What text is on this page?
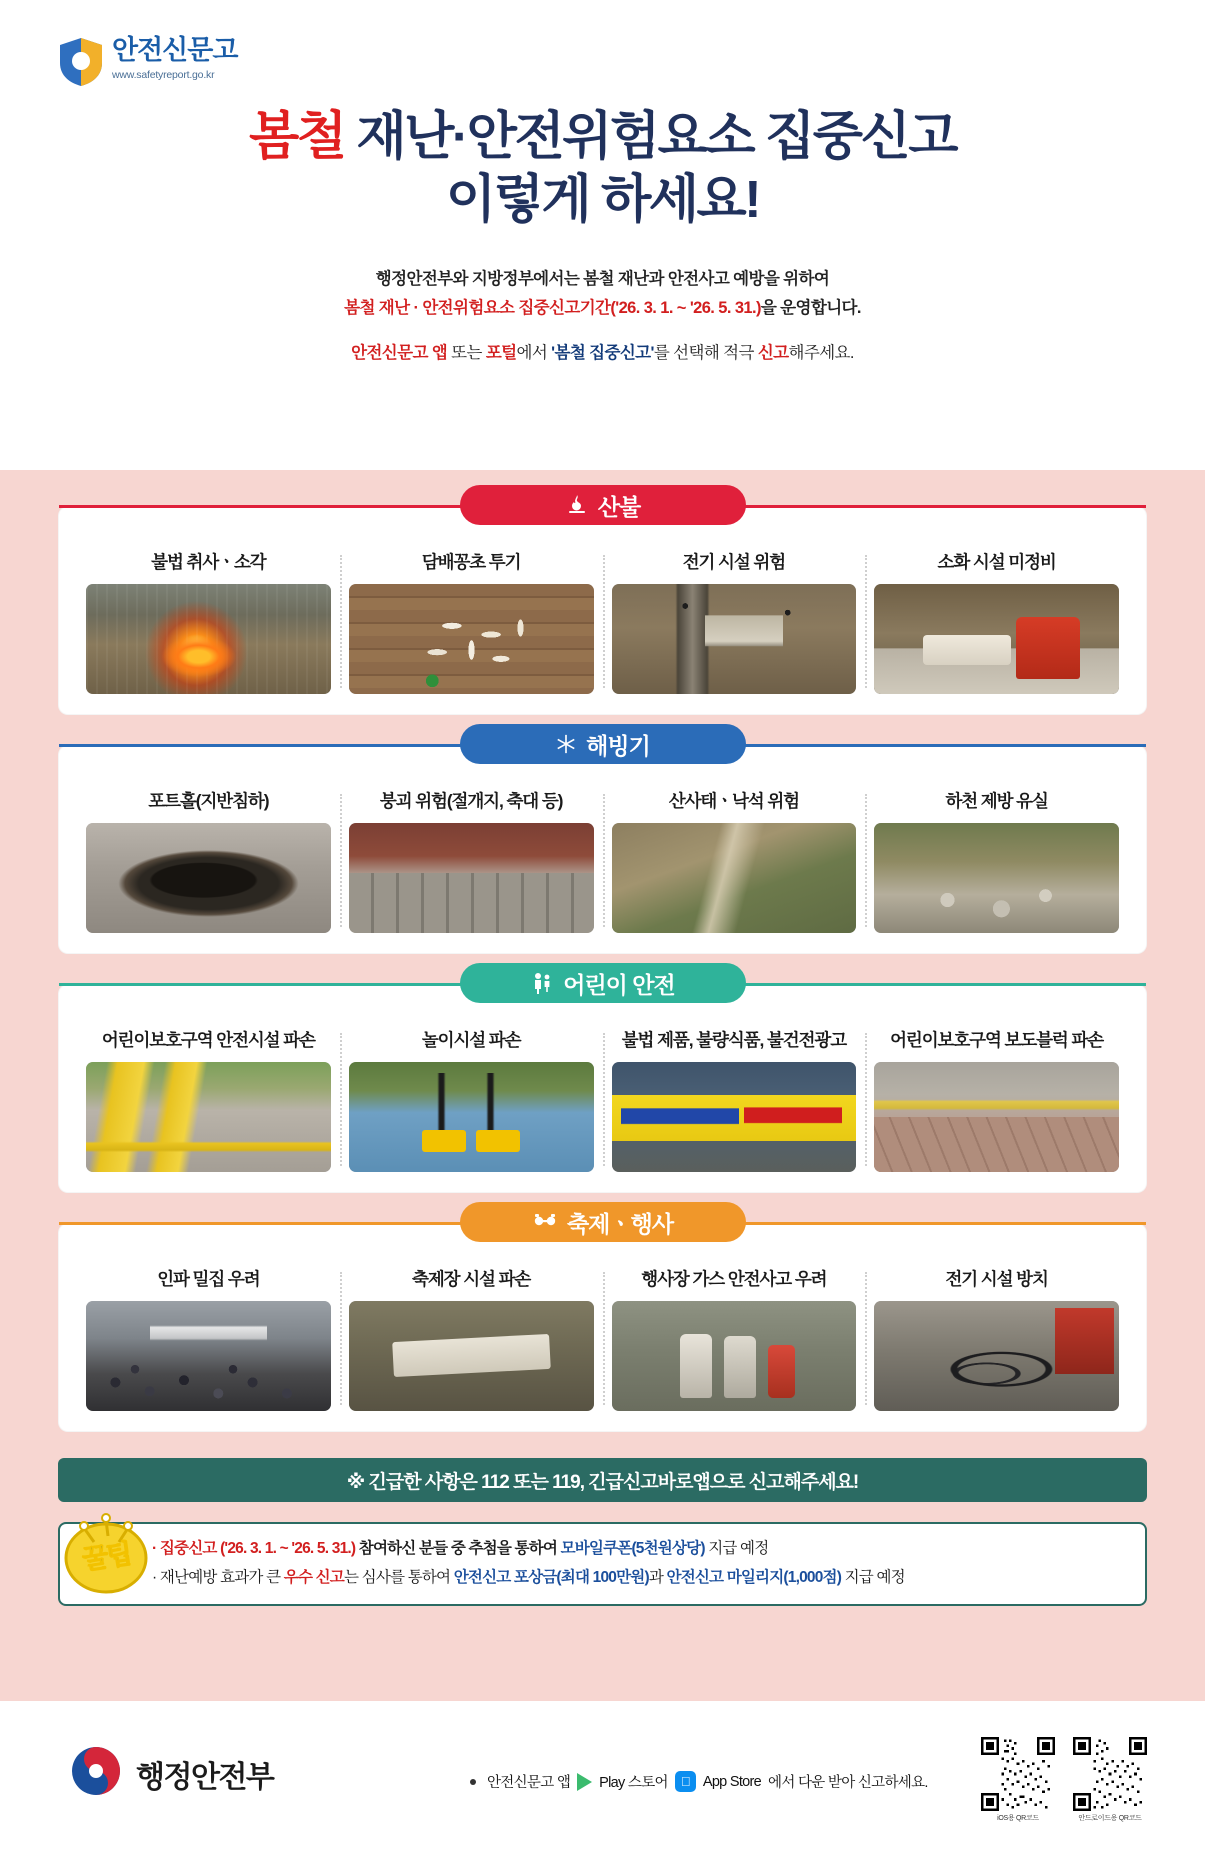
안전신문고
www.safetyreport.go.kr
봄철 재난·안전위험요소 집중신고
이렇게 하세요!
행정안전부와 지방정부에서는 봄철 재난과 안전사고 예방을 위하여
봄철 재난 · 안전위험요소 집중신고기간('26. 3. 1. ~ '26. 5. 31.)을 운영합니다.
안전신문고 앱 또는 포털에서 '봄철 집중신고'를 선택해 적극 신고해주세요.
산불
불법 취사ㆍ소각	담배꽁초 투기	전기 시설 위험	소화 시설 미정비
해빙기
포트홀(지반침하)	붕괴 위험(절개지, 축대 등)	산사태ㆍ낙석 위험	하천 제방 유실
어린이 안전
어린이보호구역 안전시설 파손	놀이시설 파손	불법 제품, 불량식품, 불건전광고	어린이보호구역 보도블럭 파손
축제ㆍ행사
인파 밀집 우려	축제장 시설 파손	행사장 가스 안전사고 우려	전기 시설 방치
※ 긴급한 사항은 112 또는 119, 긴급신고바로앱으로 신고해주세요!
꿀팁 · 집중신고 ('26. 3. 1. ~ '26. 5. 31.) 참여하신 분들 중 추첨을 통하여 모바일쿠폰(5천원상당) 지급 예정
· 재난예방 효과가 큰 우수 신고는 심사를 통하여 안전신고 포상금(최대 100만원)과 안전신고 마일리지(1,000점) 지급 예정
행정안전부	안전신문고 앱 Play 스토어 App Store 에서 다운 받아 신고하세요.
iOS용 QR코드	안드로이드용 QR코드
